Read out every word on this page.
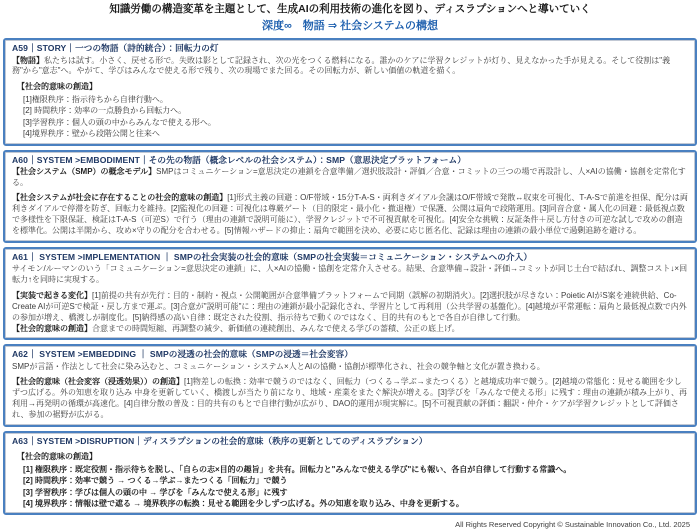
知識労働の構造変革を主題として、生成AIの利用技術の進化を図り、ディスラプションへと導いていく
深度∞　物語 ⇒ 社会システムの構想
A59｜STORY｜一つの物語（詩的統合）：回転力の灯

【物語】私たちは試す。小さく、戻せる形で。失敗は影として記録され、次の光をつくる燃料になる。誰かのケアに学習クレジットが灯り、見えなかった手が見える。そして役割は"義務"から"意志"へ。やがて、学びはみんなで使える形で残り、次の現場でまた回る。その回転力が、新しい価値の軌道を描く。

【社会的意味の創造】
[1]権限秩序：指示待ちから自律行動へ。
[2] 時間秩序：効率の一点勝負から回転力へ。
[3]学習秩序：個人の頭の中からみんなで使える形へ。
[4]境界秩序：壁から段階公開と往来へ
A60｜SYSTEM >EMBODIMENT｜その先の物語（概念レベルの社会システム）：SMP（意思決定プラットフォーム）

【社会システム（SMP）の概念モデル】SMPはコミュニケーション=意思決定の連鎖を合意準備／選択肢設計・評価／合意・コミットの三つの場で再設計し、人×AIの協働・協創を定常化する。

【社会システムが社会に存在することの社会的意味の創造】[1]形式主義の回避：O/F帯域・15分T-A-S・両利きダイアル会議はO/F帯域で発散↔収束を可視化、T-A-Sで前進を担保、配分は両利きダイアルで停滞を防ぎ、回転力を維持。[2]監視化の回避：可視化は尊厳ゲート（目的限定・最小化・撤退権）で保護、公開は扇角で段階運用。[3]同音合意・属人化の回避：最低視点数で多様性を下限保証、検証はT-A-S（可逆S）で行う（理由の連鎖で説明可能に）、学習クレジットで不可視貢献を可視化。[4]安全な挑戦：反証条件＋戻し方付きの可逆な試しで攻めの創造を標準化。公開は半開から、攻め×守りの配分を合わせる。[5]情報ハザードの抑止：扇角で範囲を決め、必要に応じ匿名化、記録は理由の連鎖の最小単位で過剰追跡を避ける。

A61｜ SYSTEM >IMPLEMENTATION ｜ SMPの社会実装の社会的意味（SMPの社会実装＝コミュニケーション・システムへの介入）

サイモン/ルーマンのいう「コミュニケーション=意思決定の連鎖」に、人×AIの協働・協創を定常介入させる。結果、合意準備→設計・評価→コミットが同じ土台で結ばれ、調整コスト↓×回転力↑を同時に実現する。

【実装で起きる変化】[1]前提の共有が先行：目的・制約・視点・公開範囲が合意準備プラットフォームで同期（誤解の初期消火）。[2]選択肢が尽きない：Poietic AIがS案を連続供給、Co-Create AIが可逆Sで検証・戻し方まで運ぶ。[3]合意が"説明可能"に：理由の連鎖が最小記録化され、学習片として再利用（公共学習の基盤化）。[4]越境が平常運転：扇角と最低視点数で内外の参加が増え、橋渡しが制度化。[5]納得感の高い自律：既定された役割、指示待ちで動くのではなく、目的共有のもとで各自が自律して行動。

【社会的意味の創造】合意までの時間短縮、再調整の減少、新価値の連続創出、みんなで使える学びの蓄積、公正の底上げ。

A62｜ SYSTEM >EMBEDDING ｜ SMPの浸透の社会的意味（SMPの浸透＝社会変容）

SMPが言語・作法として社会に染み込むと、コミュニケーション・システム×人とAIの協働・協創が標準化され、社会の競争軸と文化が置き換わる。

【社会的意味（社会変容（浸透効果））の創造】[1]物差しの転換：効率で競うのではなく、回転力（つくる→学ぶ→またつくる）と越境成功率で競う。[2]越境の常態化：見せる範囲を少しずつ広げる。外の知恵を取り込み 中身を更新していく、橋渡しが当たり前になり、地域・産業をまたぐ解決が増える。[3]学びを「みんなで使える形」に残す：理由の連鎖が積み上がり、再利用→再発明の循環が高速化。[4]自律分散の普及：目的共有のもとで自律行動が広がり、DAO的運用が現実解に。[5]不可視貢献の評価：翻訳・仲介・ケアが学習クレジットとして評価され、参加の裾野が広がる。

A63｜SYSTEM >DISRUPTION｜ディスラプションの社会的意味（秩序の更新としてのディスラプション）
【社会的意味の創造】
[1] 権限秩序：既定役割・指示待ちを脱し、「自らの志×目的の趣旨」を共有。回転力と"みんなで使える学び"にも報い、各自が自律して行動する常識へ。
[2] 時間秩序：効率で競う → つくる→学ぶ→またつくる「回転力」で競う
[3] 学習秩序：学びは個人の頭の中 → 学びを「みんなで使える形」に残す
[4] 境界秩序：情報は壁で遮る → 境界秩序の転換：見せる範囲を少しずつ広げる。外の知恵を取り込み、中身を更新する。
All Rights Reserved Copyright © Sustainable Innovation Co., Ltd. 2025
